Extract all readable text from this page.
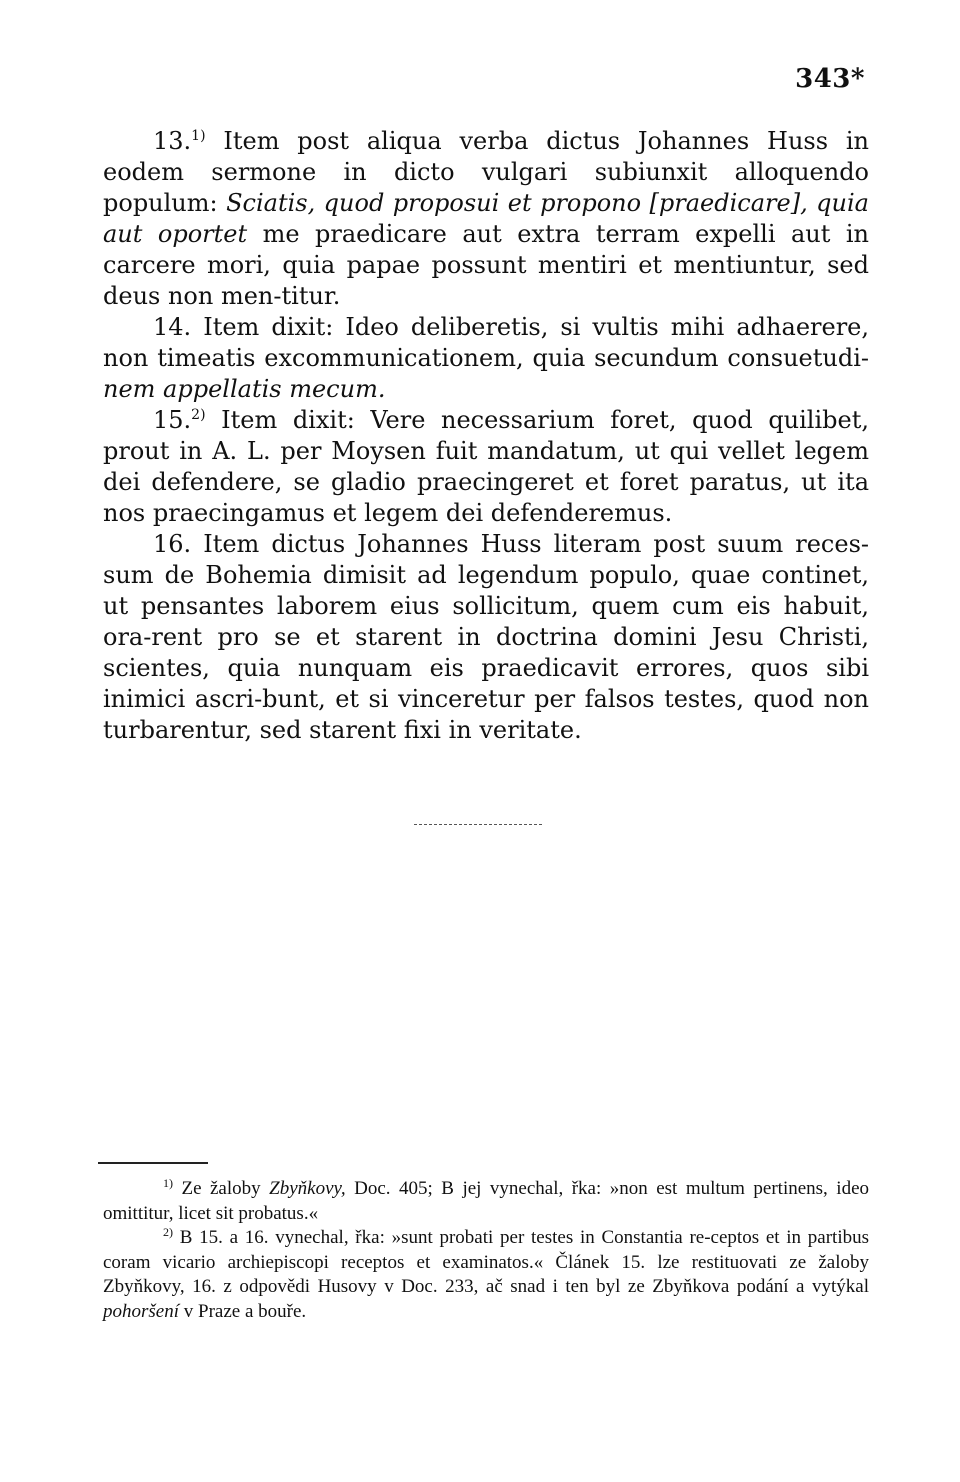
343*

13.$^{1)}$ Item post aliqua verba dictus Johannes Huss in eodem sermone in dicto vulgari subiunxit alloquendo populum: Sciatis, quod proposui et propono [praedicare], quia aut oportet me praedicare aut extra terram expelli aut in carcere mori, quia papae possunt mentiri et mentiuntur, sed deus non men-titur.

14. Item dixit: Ideo deliberetis, si vultis mihi adhaerere, non timeatis excommunicationem, quia secundum consuetudi-nem appellatis mecum.

15.$^{2)}$ Item dixit: Vere necessarium foret, quod quilibet, prout in A. L. per Moysen fuit mandatum, ut qui vellet legem dei defendere, se gladio praecingeret et foret paratus, ut ita nos praecingamus et legem dei defenderemus.

16. Item dictus Johannes Huss literam post suum reces-sum de Bohemia dimisit ad legendum populo, quae continet, ut pensantes laborem eius sollicitum, quem cum eis habuit, ora-rent pro se et starent in doctrina domini Jesu Christi, scientes, quia nunquam eis praedicavit errores, quos sibi inimici ascri-bunt, et si vinceretur per falsos testes, quod non turbarentur, sed starent fixi in veritate.

$^{1)}$ Ze žaloby Zbyňkovy, Doc. 405; B jej vynechal, řka: »non est multum pertinens, ideo omittitur, licet sit probatus.«

$^{2)}$ B 15. a 16. vynechal, řka: »sunt probati per testes in Constantia re-ceptos et in partibus coram vicario archiepiscopi receptos et examinatos.« Článek 15. lze restituovati ze žaloby Zbyňkovy, 16. z odpovědi Husovy v Doc. 233, ač snad i ten byl ze Zbyňkova podání a vytýkal pohoršení v Praze a bouře.
